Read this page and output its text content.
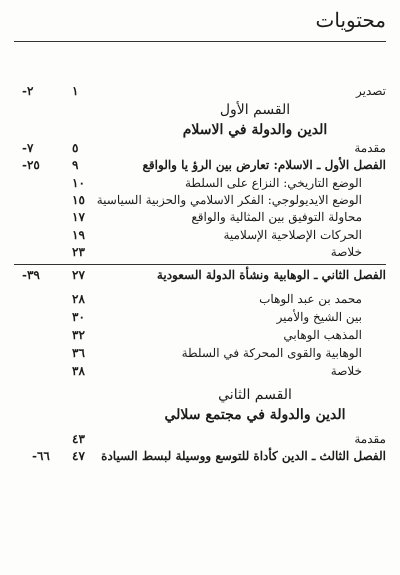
محتويات
تصدير
١
٢-
القسم الأول
الدين والدولة في الاسلام
مقدمة
٥
٧-
الفصل الأول ـ الاسلام: تعارض بين الرؤ يا والواقع
٩
٢٥-
الوضع التاريخي: النزاع على السلطة
١٠
الوضع الايديولوجي: الفكر الاسلامي والحزبية السياسية
١٥
محاولة التوفيق بين المثالية والواقع
١٧
الحركات الإصلاحية الإسلامية
١٩
خلاصة
٢٣
الفصل الثاني ـ الوهابية ونشأة الدولة السعودية
٢٧
٣٩-
محمد بن عبد الوهاب
٢٨
بين الشيخ والأمير
٣٠
المذهب الوهابي
٣٢
الوهابية والقوى المحركة في السلطة
٣٦
خلاصة
٣٨
القسم الثاني
الدين والدولة في مجتمع سلالي
مقدمة
٤٣
الفصل الثالث ـ الدين كأداة للتوسع ووسيلة لبسط السيادة
٤٧
٦٦-
